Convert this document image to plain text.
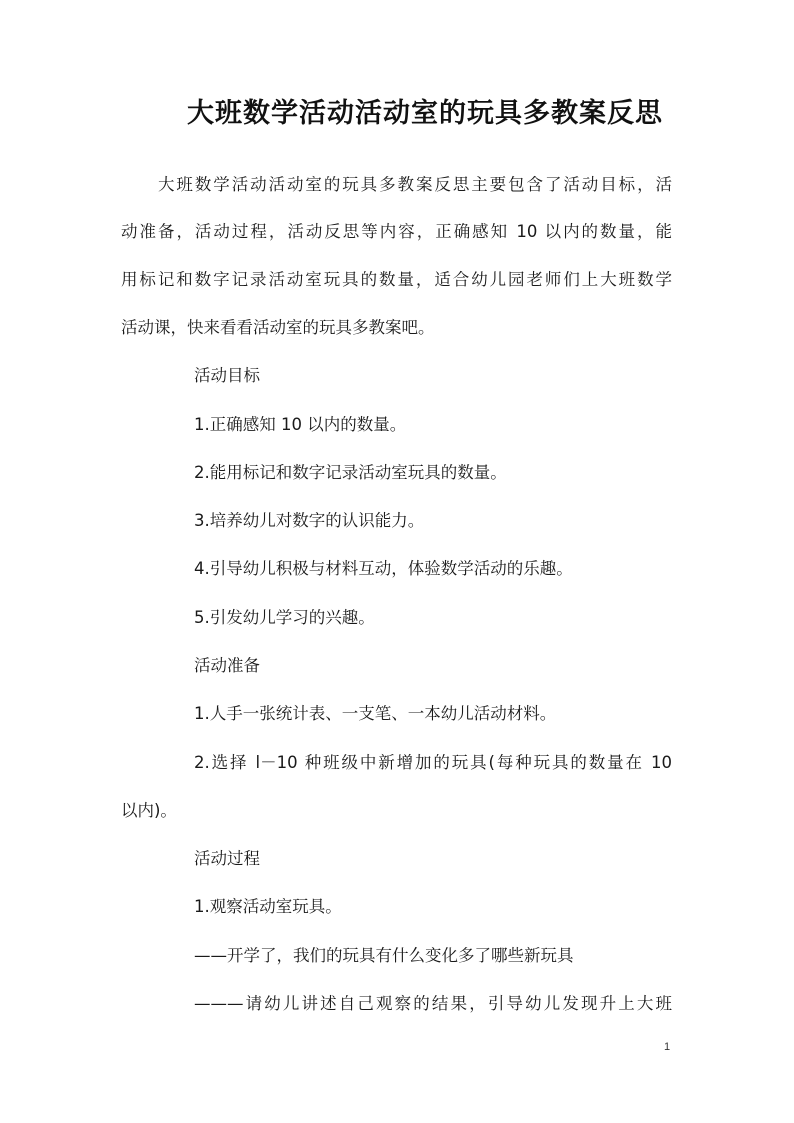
大班数学活动活动室的玩具多教案反思
大班数学活动活动室的玩具多教案反思主要包含了活动目标，活
动准备，活动过程，活动反思等内容，正确感知 10 以内的数量，能
用标记和数字记录活动室玩具的数量，适合幼儿园老师们上大班数学
活动课，快来看看活动室的玩具多教案吧。

活动目标

1.正确感知 10 以内的数量。

2.能用标记和数字记录活动室玩具的数量。

3.培养幼儿对数字的认识能力。

4.引导幼儿积极与材料互动，体验数学活动的乐趣。

5.引发幼儿学习的兴趣。

活动准备

1.人手一张统计表、一支笔、一本幼儿活动材料。

2.选择 l－10 种班级中新增加的玩具(每种玩具的数量在 10

以内)。

活动过程

1.观察活动室玩具。

——开学了，我们的玩具有什么变化多了哪些新玩具

———请幼儿讲述自己观察的结果，引导幼儿发现升上大班

1
